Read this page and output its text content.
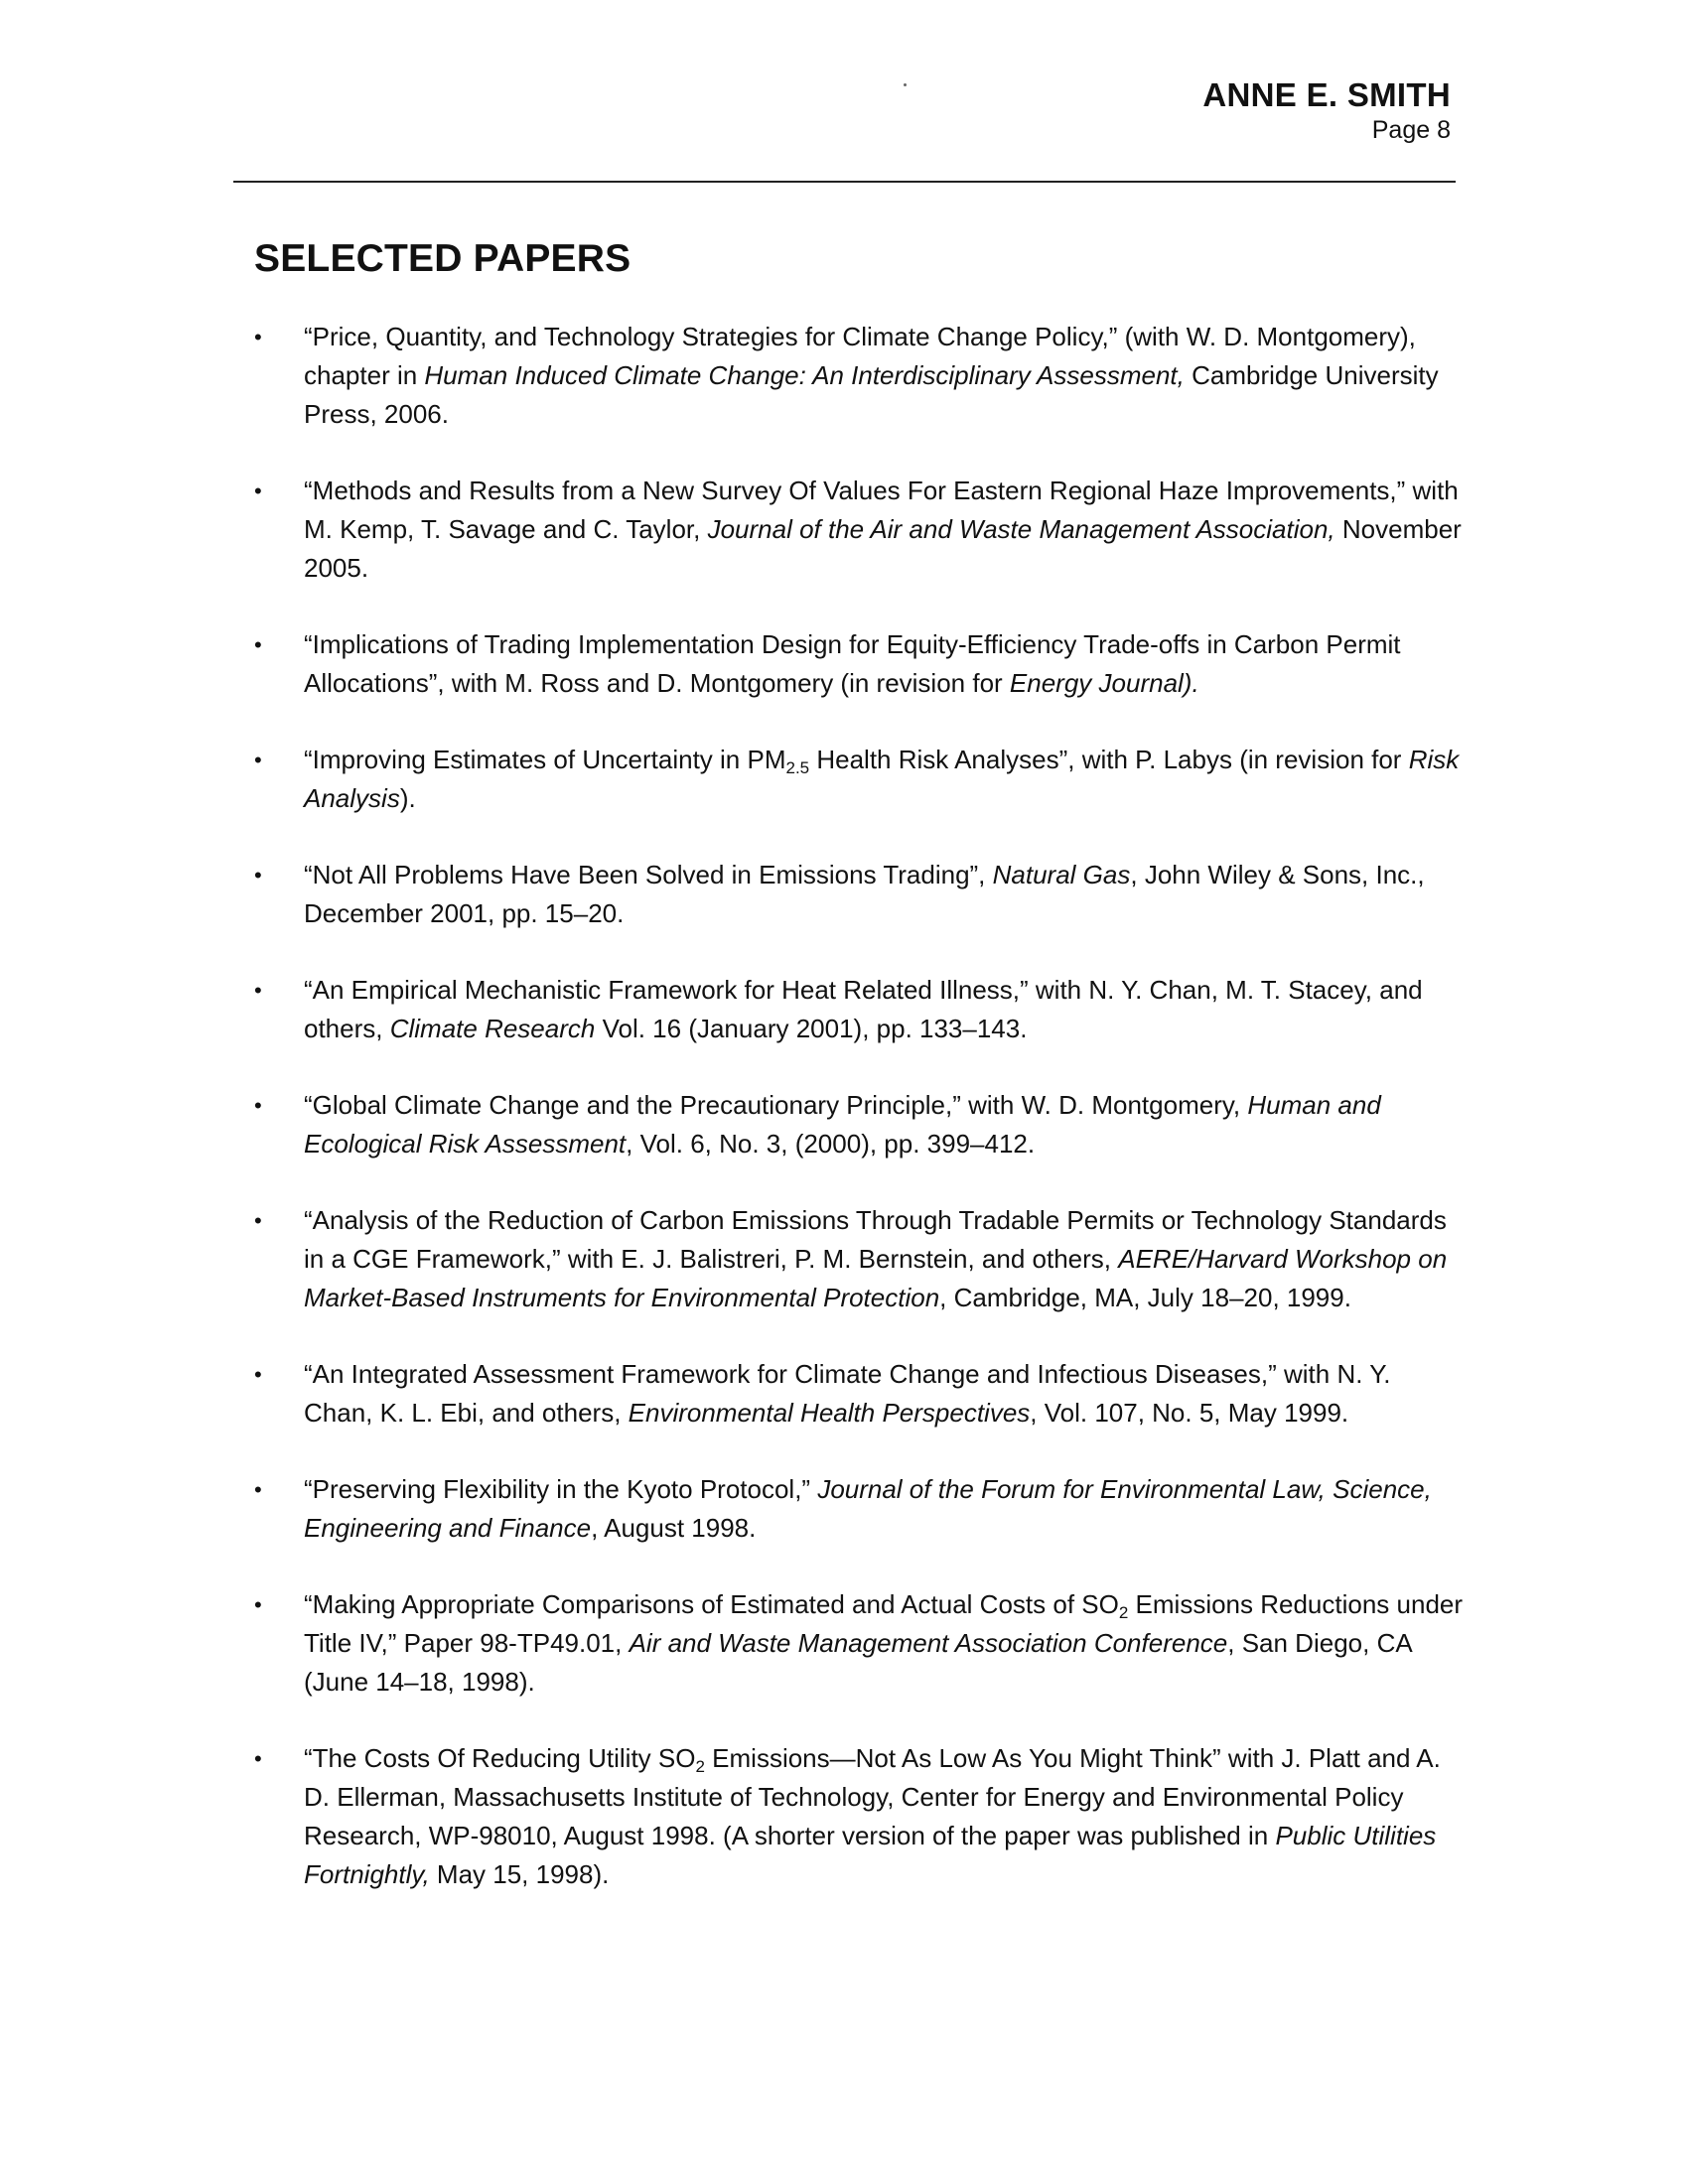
ANNE E. SMITH
Page 8
SELECTED PAPERS
• “Price, Quantity, and Technology Strategies for Climate Change Policy,” (with W. D. Montgomery), chapter in Human Induced Climate Change: An Interdisciplinary Assessment, Cambridge University Press, 2006.
• “Methods and Results from a New Survey Of Values For Eastern Regional Haze Improvements,” with M. Kemp, T. Savage and C. Taylor, Journal of the Air and Waste Management Association, November 2005.
• “Implications of Trading Implementation Design for Equity-Efficiency Trade-offs in Carbon Permit Allocations”, with M. Ross and D. Montgomery (in revision for Energy Journal).
• “Improving Estimates of Uncertainty in $PM_{2.5}$ Health Risk Analyses”, with P. Labys (in revision for Risk Analysis).
• “Not All Problems Have Been Solved in Emissions Trading”, Natural Gas, John Wiley & Sons, Inc., December 2001, pp. 15–20.
• “An Empirical Mechanistic Framework for Heat Related Illness,” with N. Y. Chan, M. T. Stacey, and others, Climate Research Vol. 16 (January 2001), pp. 133–143.
• “Global Climate Change and the Precautionary Principle,” with W. D. Montgomery, Human and Ecological Risk Assessment, Vol. 6, No. 3, (2000), pp. 399–412.
• “Analysis of the Reduction of Carbon Emissions Through Tradable Permits or Technology Standards in a CGE Framework,” with E. J. Balistreri, P. M. Bernstein, and others, AERE/Harvard Workshop on Market-Based Instruments for Environmental Protection, Cambridge, MA, July 18–20, 1999.
• “An Integrated Assessment Framework for Climate Change and Infectious Diseases,” with N. Y. Chan, K. L. Ebi, and others, Environmental Health Perspectives, Vol. 107, No. 5, May 1999.
• “Preserving Flexibility in the Kyoto Protocol,” Journal of the Forum for Environmental Law, Science, Engineering and Finance, August 1998.
• “Making Appropriate Comparisons of Estimated and Actual Costs of $SO_2$ Emissions Reductions under Title IV,” Paper 98-TP49.01, Air and Waste Management Association Conference, San Diego, CA (June 14–18, 1998).
• “The Costs Of Reducing Utility $SO_2$ Emissions—Not As Low As You Might Think” with J. Platt and A. D. Ellerman, Massachusetts Institute of Technology, Center for Energy and Environmental Policy Research, WP-98010, August 1998. (A shorter version of the paper was published in Public Utilities Fortnightly, May 15, 1998).
